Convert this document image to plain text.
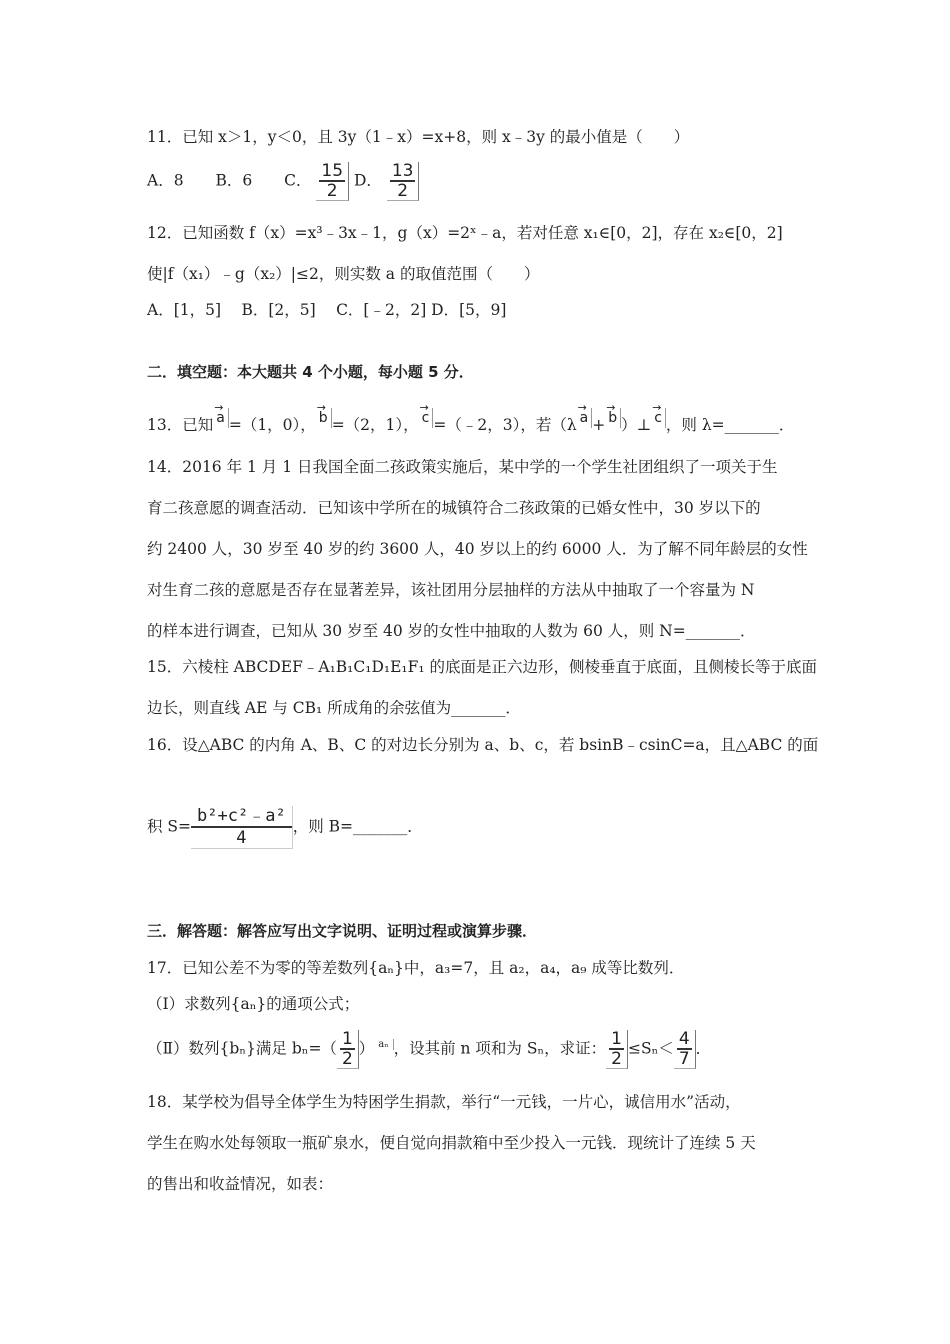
11．已知 x＞1，y＜0，且 3y（1﹣x）=x+8，则 x﹣3y 的最小值是（　　）
A．8 B．6 C． $\frac{15}{2}$ D． $\frac{13}{2}$
12．已知函数 f（x）=x³﹣3x﹣1，g（x）=2ˣ﹣a，若对任意 x₁∈[0，2]，存在 x₂∈[0，2]
使|f（x₁）﹣g（x₂）|≤2，则实数 a 的取值范围（　　）
A．[1，5]　 B．[2，5]　 C．[﹣2，2] D．[5，9]
二．填空题：本大题共 4 个小题，每小题 5 分．
13．已知
→
a =（1，0），
→
b =（2，1），
→
c =（﹣2，3），若（λ
→
a +
→
b ）⊥
→
c ，则 λ=_______．
14．2016 年 1 月 1 日我国全面二孩政策实施后，某中学的一个学生社团组织了一项关于生
育二孩意愿的调查活动．已知该中学所在的城镇符合二孩政策的已婚女性中，30 岁以下的
约 2400 人，30 岁至 40 岁的约 3600 人，40 岁以上的约 6000 人．为了解不同年龄层的女性
对生育二孩的意愿是否存在显著差异，该社团用分层抽样的方法从中抽取了一个容量为 N
的样本进行调查，已知从 30 岁至 40 岁的女性中抽取的人数为 60 人，则 N=_______．
15．六棱柱 ABCDEF﹣A₁B₁C₁D₁E₁F₁ 的底面是正六边形，侧棱垂直于底面，且侧棱长等于底面
边长，则直线 AE 与 CB₁ 所成角的余弦值为_______．
16．设△ABC 的内角 A、B、C 的对边长分别为 a、b、c，若 bsinB﹣csinC=a，且△ABC 的面
积 $S= \frac{\text{b²+c²﹣a²}}{4}$ ，则 B=_______．
三．解答题：解答应写出文字说明、证明过程或演算步骤．
17．已知公差不为零的等差数列{aₙ}中，a₃=7，且 a₂，a₄，a₉ 成等比数列．
（Ⅰ）求数列{aₙ}的通项公式；
（Ⅱ）数列{bₙ}满足 $b_n=( \frac{1}{2}$ ） $^{a_n}$ ，设其前 n 项和为 Sₙ，求证： $\frac{1}{2} \le S_n< \frac{4}{7}$ ．
18．某学校为倡导全体学生为特困学生捐款，举行“一元钱，一片心，诚信用水”活动，
学生在购水处每领取一瓶矿泉水，便自觉向捐款箱中至少投入一元钱．现统计了连续 5 天
的售出和收益情况，如表：
